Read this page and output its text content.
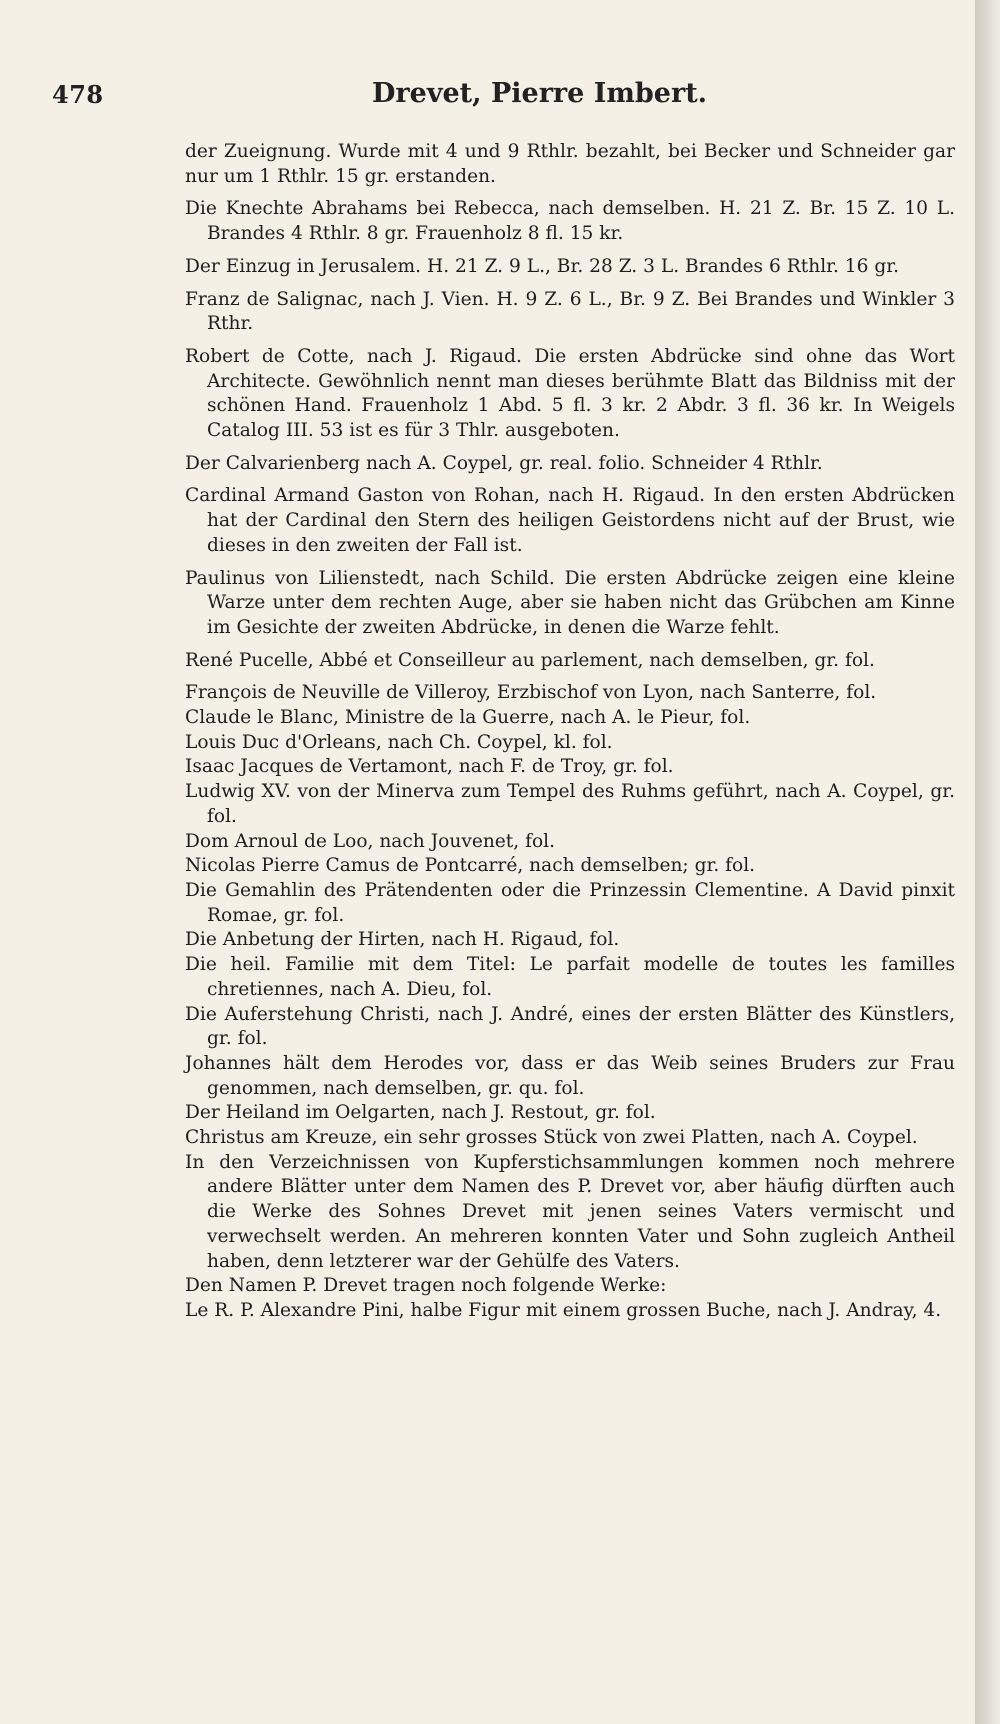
478	Drevet, Pierre Imbert.

der Zueignung. Wurde mit 4 und 9 Rthlr. bezahlt, bei Becker und Schneider gar nur um 1 Rthlr. 15 gr. erstanden.

Die Knechte Abrahams bei Rebecca, nach demselben. H. 21 Z. Br. 15 Z. 10 L. Brandes 4 Rthlr. 8 gr. Frauenholz 8 fl. 15 kr.

Der Einzug in Jerusalem. H. 21 Z. 9 L., Br. 28 Z. 3 L. Brandes 6 Rthlr. 16 gr.

Franz de Salignac, nach J. Vien. H. 9 Z. 6 L., Br. 9 Z. Bei Brandes und Winkler 3 Rthr.

Robert de Cotte, nach J. Rigaud. Die ersten Abdrücke sind ohne das Wort Architecte. Gewöhnlich nennt man dieses berühmte Blatt das Bildniss mit der schönen Hand. Frauenholz 1 Abd. 5 fl. 3 kr. 2 Abdr. 3 fl. 36 kr. In Weigels Catalog III. 53 ist es für 3 Thlr. ausgeboten.

Der Calvarienberg nach A. Coypel, gr. real. folio. Schneider 4 Rthlr.

Cardinal Armand Gaston von Rohan, nach H. Rigaud. In den ersten Abdrücken hat der Cardinal den Stern des heiligen Geistordens nicht auf der Brust, wie dieses in den zweiten der Fall ist.

Paulinus von Lilienstedt, nach Schild. Die ersten Abdrücke zeigen eine kleine Warze unter dem rechten Auge, aber sie haben nicht das Grübchen am Kinne im Gesichte der zweiten Abdrücke, in denen die Warze fehlt.

René Pucelle, Abbé et Conseilleur au parlement, nach demselben, gr. fol.

François de Neuville de Villeroy, Erzbischof von Lyon, nach Santerre, fol.

Claude le Blanc, Ministre de la Guerre, nach A. le Pieur, fol.

Louis Duc d'Orleans, nach Ch. Coypel, kl. fol.

Isaac Jacques de Vertamont, nach F. de Troy, gr. fol.

Ludwig XV. von der Minerva zum Tempel des Ruhms geführt, nach A. Coypel, gr. fol.

Dom Arnoul de Loo, nach Jouvenet, fol.

Nicolas Pierre Camus de Pontcarré, nach demselben; gr. fol.

Die Gemahlin des Prätendenten oder die Prinzessin Clementine. A David pinxit Romae, gr. fol.

Die Anbetung der Hirten, nach H. Rigaud, fol.

Die heil. Familie mit dem Titel: Le parfait modelle de toutes les familles chretiennes, nach A. Dieu, fol.

Die Auferstehung Christi, nach J. André, eines der ersten Blätter des Künstlers, gr. fol.

Johannes hält dem Herodes vor, dass er das Weib seines Bruders zur Frau genommen, nach demselben, gr. qu. fol.

Der Heiland im Oelgarten, nach J. Restout, gr. fol.

Christus am Kreuze, ein sehr grosses Stück von zwei Platten, nach A. Coypel.

In den Verzeichnissen von Kupferstichsammlungen kommen noch mehrere andere Blätter unter dem Namen des P. Drevet vor, aber häufig dürften auch die Werke des Sohnes Drevet mit jenen seines Vaters vermischt und verwechselt werden. An mehreren konnten Vater und Sohn zugleich Antheil haben, denn letzterer war der Gehülfe des Vaters.

Den Namen P. Drevet tragen noch folgende Werke:

Le R. P. Alexandre Pini, halbe Figur mit einem grossen Buche, nach J. Andray, 4.
